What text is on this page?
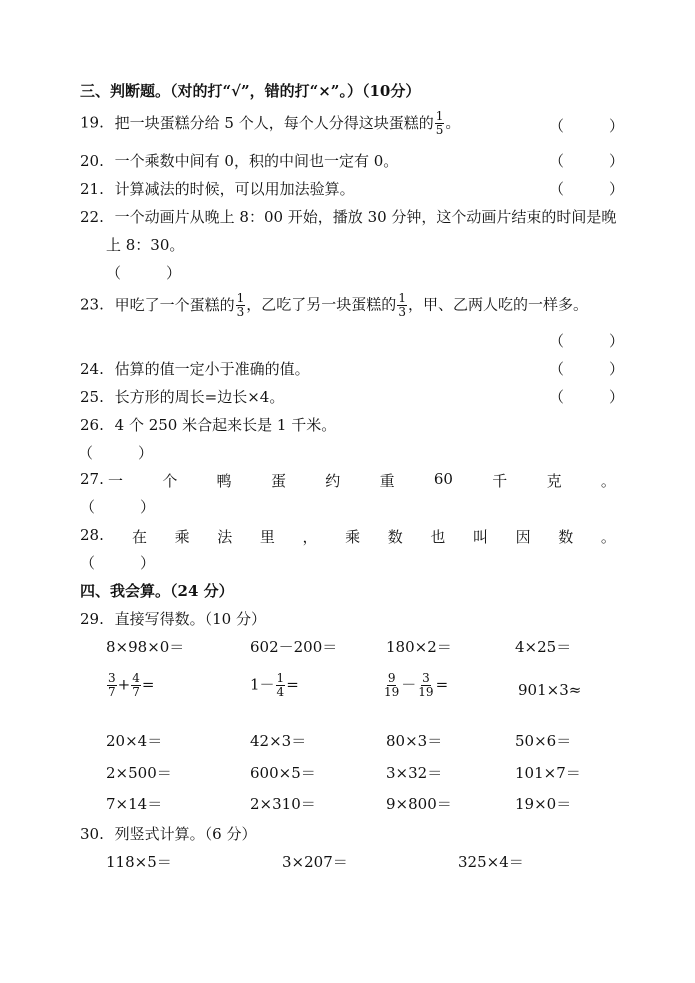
三、判断题。（对的打“√”，错的打“×”。）（10分）
19. 把一块蛋糕分给 5 个人，每个人分得这块蛋糕的 $\frac{1}{5}$ 。	（　　　）
20. 一个乘数中间有 0，积的中间也一定有 0。	（　　　）
21. 计算减法的时候，可以用加法验算。	（　　　）
22. 一个动画片从晚上 8：00 开始，播放 30 分钟，这个动画片结束的时间是晚
上 8：30。
（　　　）
23. 甲吃了一个蛋糕的 $\frac{1}{3}$ ，乙吃了另一块蛋糕的 $\frac{1}{3}$ ，甲、乙两人吃的一样多。
（　　　）
24. 估算的值一定小于准确的值。	（　　　）
25. 长方形的周长=边长×4。	（　　　）
26. 4 个 250 米合起来长是 1 千米。
（　　　）
27. 一	个	鸭	蛋	约	重	60	千	克	。
（　　　）
28. 在 乘 法 里 ， 乘 数 也 叫 因 数 。
（　　　）
四、我会算。（24 分）
29. 直接写得数。（10 分）
8×98×0＝	602－200＝	180×2＝	4×25＝
$\frac{3}{7} + \frac{4}{7}$ =	$1- \frac{1}{4}$ =	$\frac{9}{19} - \frac{3}{19}$ =	901×3≈
20×4＝	42×3＝	80×3＝	50×6＝
2×500＝	600×5＝	3×32＝	101×7＝
7×14＝	2×310＝	9×800＝	19×0＝
30. 列竖式计算。（6 分）
118×5＝	3×207＝	325×4＝
